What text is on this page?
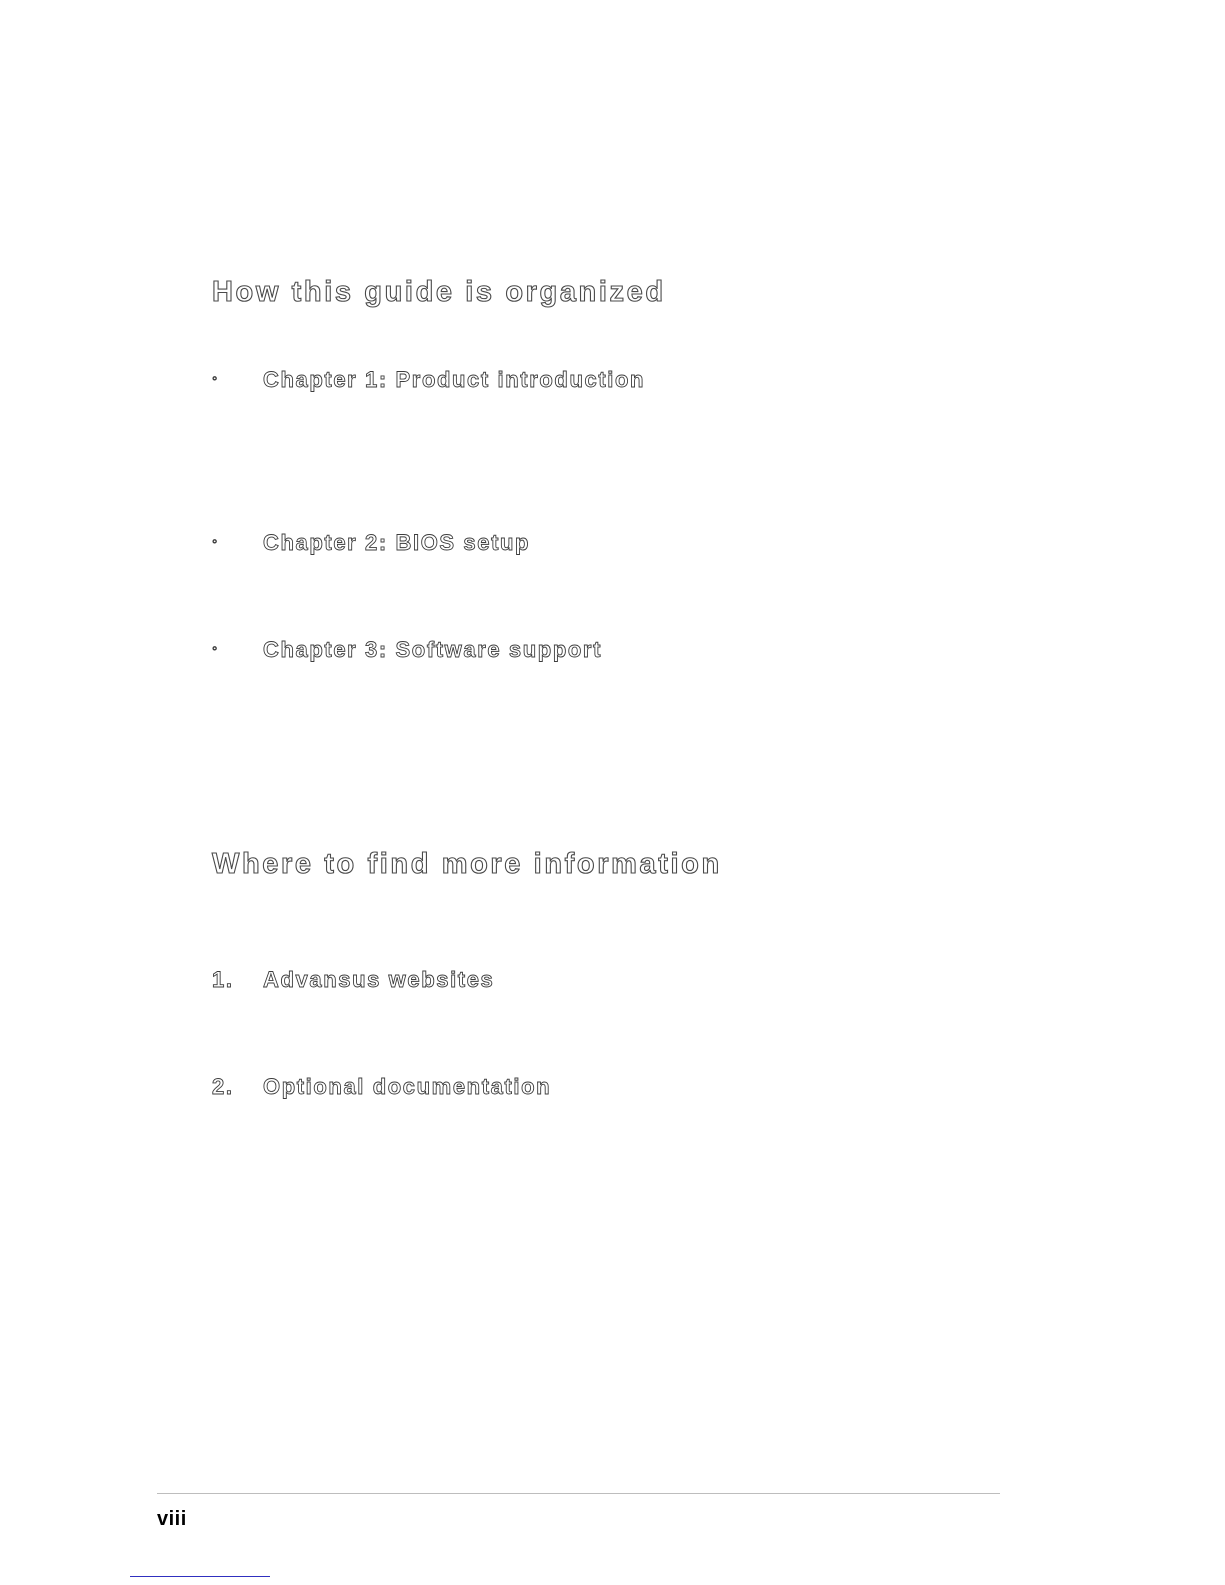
How this guide is organized
◦ Chapter 1: Product introduction
◦ Chapter 2: BIOS setup
◦ Chapter 3: Software support
Where to find more information
1. Advansus websites
2. Optional documentation
viii
